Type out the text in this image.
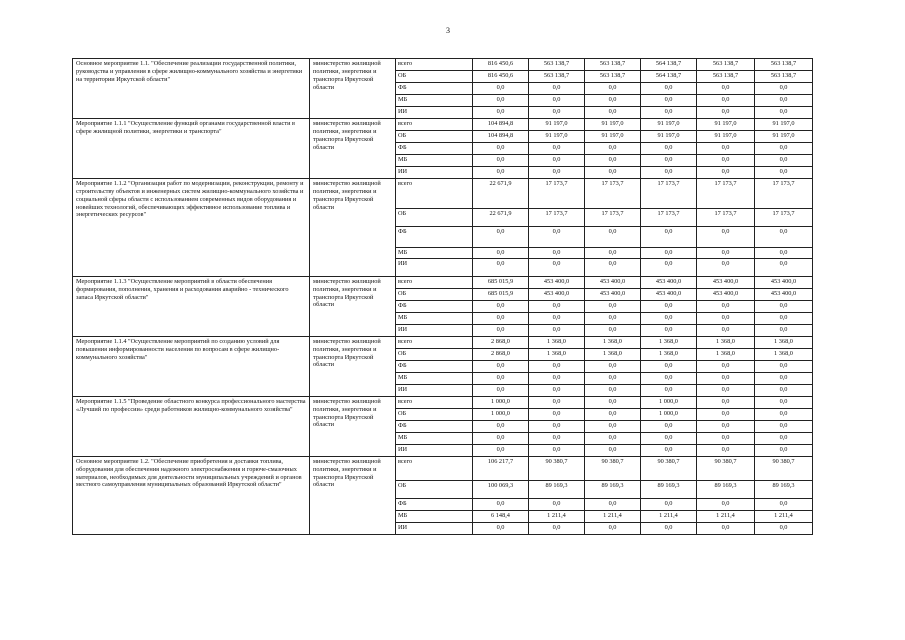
3
Основное мероприятие 1.1. "Обеспечение реализации государственной политики, руководства и управления в сфере жилищно-коммунального хозяйства и энергетики на территории Иркутской области"	министерство жилищной политики, энергетики и транспорта Иркутской области	всего	816 450,6	563 138,7	563 138,7	564 138,7	563 138,7	563 138,7
		ОБ	816 450,6	563 138,7	563 138,7	564 138,7	563 138,7	563 138,7
		ФБ	0,0	0,0	0,0	0,0	0,0	0,0
		МБ	0,0	0,0	0,0	0,0	0,0	0,0
		ИИ	0,0	0,0	0,0	0,0	0,0	0,0
Мероприятие 1.1.1 "Осуществление функций органами государственной власти в сфере жилищной политики, энергетики и транспорта"	министерство жилищной политики, энергетики и транспорта Иркутской области	всего	104 894,8	91 197,0	91 197,0	91 197,0	91 197,0	91 197,0
		ОБ	104 894,8	91 197,0	91 197,0	91 197,0	91 197,0	91 197,0
		ФБ	0,0	0,0	0,0	0,0	0,0	0,0
		МБ	0,0	0,0	0,0	0,0	0,0	0,0
		ИИ	0,0	0,0	0,0	0,0	0,0	0,0
Мероприятие 1.1.2 "Организация работ по модернизации, реконструкции, ремонту и строительству объектов и инженерных систем жилищно-коммунального хозяйства и социальной сферы области с использованием современных видов оборудования и новейших технологий, обеспечивающих эффективное использование топлива и энергетических ресурсов"	министерство жилищной политики, энергетики и транспорта Иркутской области	всего	22 671,9	17 173,7	17 173,7	17 173,7	17 173,7	17 173,7
		ОБ	22 671,9	17 173,7	17 173,7	17 173,7	17 173,7	17 173,7
		ФБ	0,0	0,0	0,0	0,0	0,0	0,0
		МБ	0,0	0,0	0,0	0,0	0,0	0,0
		ИИ	0,0	0,0	0,0	0,0	0,0	0,0
Мероприятие 1.1.3 "Осуществление мероприятий в области обеспечения формирования, пополнения, хранения и расходования аварийно - технического запаса Иркутской области"	министерство жилищной политики, энергетики и транспорта Иркутской области	всего	685 015,9	453 400,0	453 400,0	453 400,0	453 400,0	453 400,0
		ОБ	685 015,9	453 400,0	453 400,0	453 400,0	453 400,0	453 400,0
		ФБ	0,0	0,0	0,0	0,0	0,0	0,0
		МБ	0,0	0,0	0,0	0,0	0,0	0,0
		ИИ	0,0	0,0	0,0	0,0	0,0	0,0
Мероприятие 1.1.4 "Осуществление мероприятий по созданию условий для повышения информированности населения по вопросам в сфере жилищно-коммунального хозяйства"	министерство жилищной политики, энергетики и транспорта Иркутской области	всего	2 868,0	1 368,0	1 368,0	1 368,0	1 368,0	1 368,0
		ОБ	2 868,0	1 368,0	1 368,0	1 368,0	1 368,0	1 368,0
		ФБ	0,0	0,0	0,0	0,0	0,0	0,0
		МБ	0,0	0,0	0,0	0,0	0,0	0,0
		ИИ	0,0	0,0	0,0	0,0	0,0	0,0
Мероприятие 1.1.5 "Проведение областного конкурса профессионального мастерства «Лучший по профессии» среди работников жилищно-коммунального хозяйства"	министерство жилищной политики, энергетики и транспорта Иркутской области	всего	1 000,0	0,0	0,0	1 000,0	0,0	0,0
		ОБ	1 000,0	0,0	0,0	1 000,0	0,0	0,0
		ФБ	0,0	0,0	0,0	0,0	0,0	0,0
		МБ	0,0	0,0	0,0	0,0	0,0	0,0
		ИИ	0,0	0,0	0,0	0,0	0,0	0,0
Основное мероприятие 1.2. "Обеспечение приобретения и доставки топлива, оборудования для обеспечения надежного электроснабжения и горюче-смазочных материалов, необходимых для деятельности муниципальных учреждений и органов местного самоуправления муниципальных образований Иркутской области"	министерство жилищной политики, энергетики и транспорта Иркутской области	всего	106 217,7	90 380,7	90 380,7	90 380,7	90 380,7	90 380,7
		ОБ	100 069,3	89 169,3	89 169,3	89 169,3	89 169,3	89 169,3
		ФБ	0,0	0,0	0,0	0,0	0,0	0,0
		МБ	6 148,4	1 211,4	1 211,4	1 211,4	1 211,4	1 211,4
		ИИ	0,0	0,0	0,0	0,0	0,0	0,0
